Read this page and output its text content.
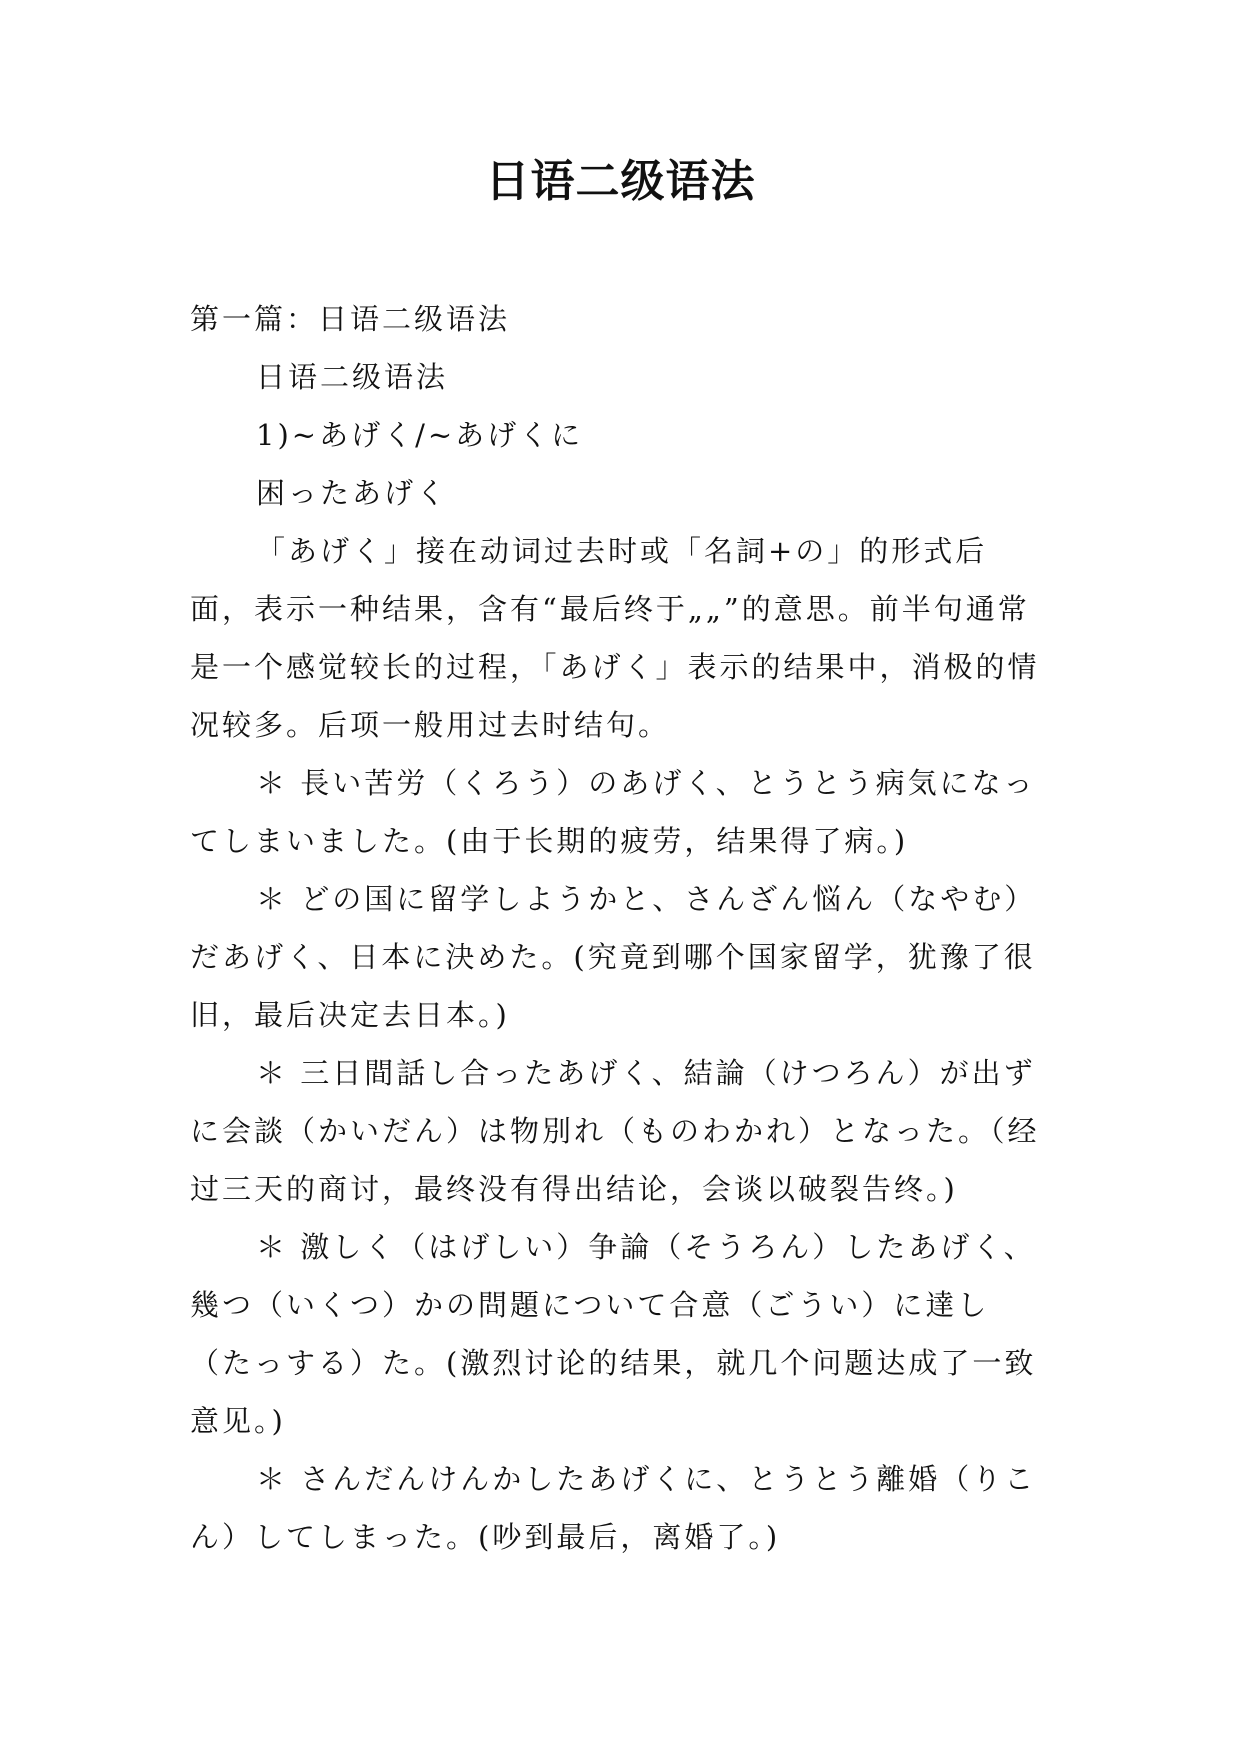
日语二级语法

第一篇：日语二级语法

日语二级语法

1)~あげく/~あげくに

困ったあげく

「あげく」接在动词过去时或「名詞+の」的形式后面，表示一种结果，含有“最后终于„„”的意思。前半句通常是一个感觉较长的过程，「あげく」表示的结果中，消极的情况较多。后项一般用过去时结句。

＊ 長い苦労（くろう）のあげく、とうとう病気になってしまいました。(由于长期的疲劳，结果得了病。)

＊ どの国に留学しようかと、さんざん悩ん（なやむ）だあげく、日本に決めた。(究竟到哪个国家留学，犹豫了很旧，最后决定去日本。)

＊ 三日間話し合ったあげく、結論（けつろん）が出ずに会談（かいだん）は物別れ（ものわかれ）となった。（经过三天的商讨，最终没有得出结论，会谈以破裂告终。)

＊ 激しく（はげしい）争論（そうろん）したあげく、幾つ（いくつ）かの問題について合意（ごうい）に達し（たっする）た。(激烈讨论的结果，就几个问题达成了一致意见。)

＊ さんだんけんかしたあげくに、とうとう離婚（りこん）してしまった。(吵到最后，离婚了。)
